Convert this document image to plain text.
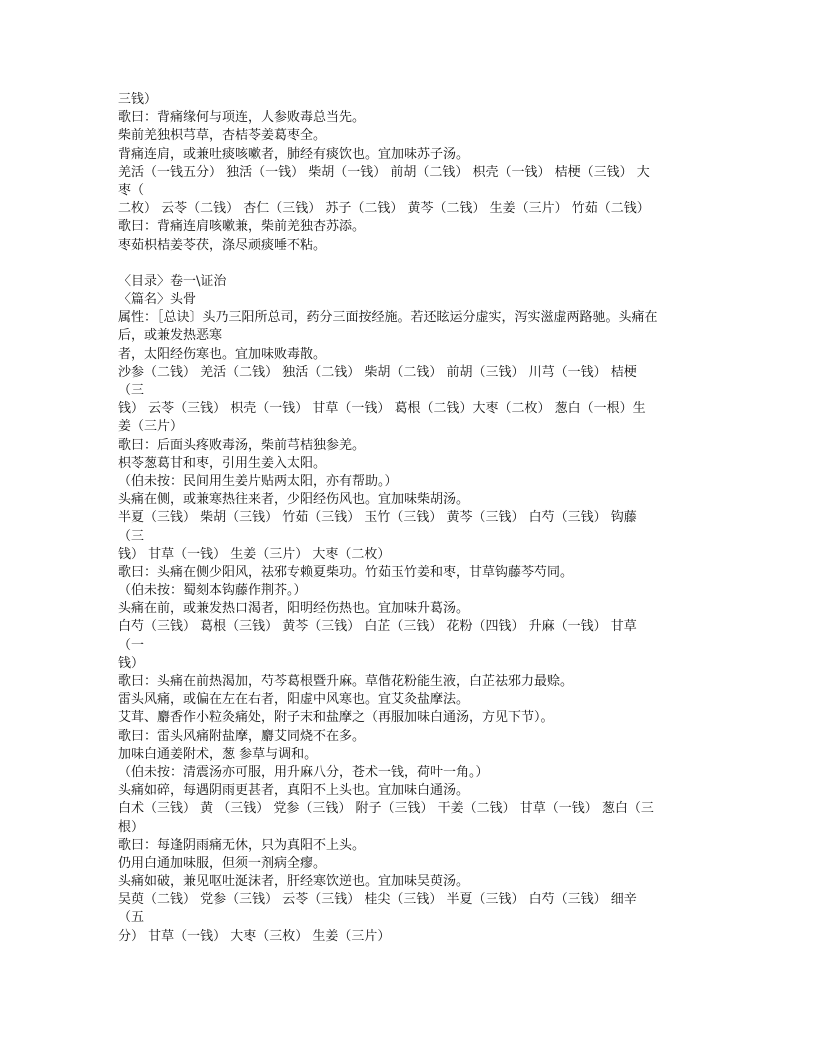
三钱）
歌曰：背痛缘何与项连，人参败毒总当先。
柴前羌独枳芎草，杏桔苓姜葛枣全。
背痛连肩，或兼吐痰咳嗽者，肺经有痰饮也。宜加味苏子汤。
羌活（一钱五分） 独活（一钱） 柴胡（一钱） 前胡（二钱） 枳壳（一钱） 桔梗（三钱） 大
枣（
二枚） 云苓（二钱） 杏仁（三钱） 苏子（二钱） 黄芩（二钱） 生姜（三片） 竹茹（二钱）
歌曰：背痛连肩咳嗽兼，柴前羌独杏苏添。
枣茹枳桔姜苓茯，涤尽顽痰唾不粘。
〈目录〉卷一\证治
〈篇名〉头骨
属性：［总诀〕头乃三阳所总司，药分三面按经施。若还眩运分虚实，泻实滋虚两路驰。头痛在
后，或兼发热恶寒
者，太阳经伤寒也。宜加味败毒散。
沙参（二钱） 羌活（二钱） 独活（二钱） 柴胡（二钱） 前胡（三钱） 川芎（一钱） 桔梗
（三
钱） 云苓（三钱） 枳壳（一钱） 甘草（一钱） 葛根（二钱）大枣（二枚） 葱白（一根）生
姜（三片）
歌曰：后面头疼败毒汤，柴前芎桔独参羌。
枳苓葱葛甘和枣，引用生姜入太阳。
（伯未按：民间用生姜片贴两太阳，亦有帮助。）
头痛在侧，或兼寒热往来者，少阳经伤风也。宜加味柴胡汤。
半夏（三钱） 柴胡（三钱） 竹茹（三钱） 玉竹（三钱） 黄芩（三钱） 白芍（三钱） 钩藤
（三
钱） 甘草（一钱） 生姜（三片） 大枣（二枚）
歌曰：头痛在侧少阳风，祛邪专赖夏柴功。竹茹玉竹姜和枣，甘草钩藤芩芍同。
（伯未按：蜀刻本钩藤作荆芥。）
头痛在前，或兼发热口渴者，阳明经伤热也。宜加味升葛汤。
白芍（三钱） 葛根（三钱） 黄芩（三钱） 白芷（三钱） 花粉（四钱） 升麻（一钱） 甘草
（一
钱）
歌曰：头痛在前热渴加，芍芩葛根暨升麻。草偕花粉能生液，白芷祛邪力最赊。
雷头风痛，或偏在左在右者，阳虚中风寒也。宜艾灸盐摩法。
艾茸、麝香作小粒灸痛处，附子末和盐摩之（再服加味白通汤，方见下节）。
歌曰：雷头风痛附盐摩，麝艾同烧不在多。
加味白通姜附术，葱 参草与调和。
（伯未按：清震汤亦可服，用升麻八分，苍术一钱，荷叶一角。）
头痛如碎，每遇阴雨更甚者，真阳不上头也。宜加味白通汤。
白术（三钱） 黄 （三钱） 党参（三钱） 附子（三钱） 干姜（二钱） 甘草（一钱） 葱白（三
根）
歌曰：每逢阴雨痛无休，只为真阳不上头。
仍用白通加味服，但须一剂病全瘳。
头痛如破，兼见呕吐涎沫者，肝经寒饮逆也。宜加味吴萸汤。
吴萸（二钱） 党参（三钱） 云苓（三钱） 桂尖（三钱） 半夏（三钱） 白芍（三钱） 细辛
（五
分） 甘草（一钱） 大枣（三枚） 生姜（三片）
